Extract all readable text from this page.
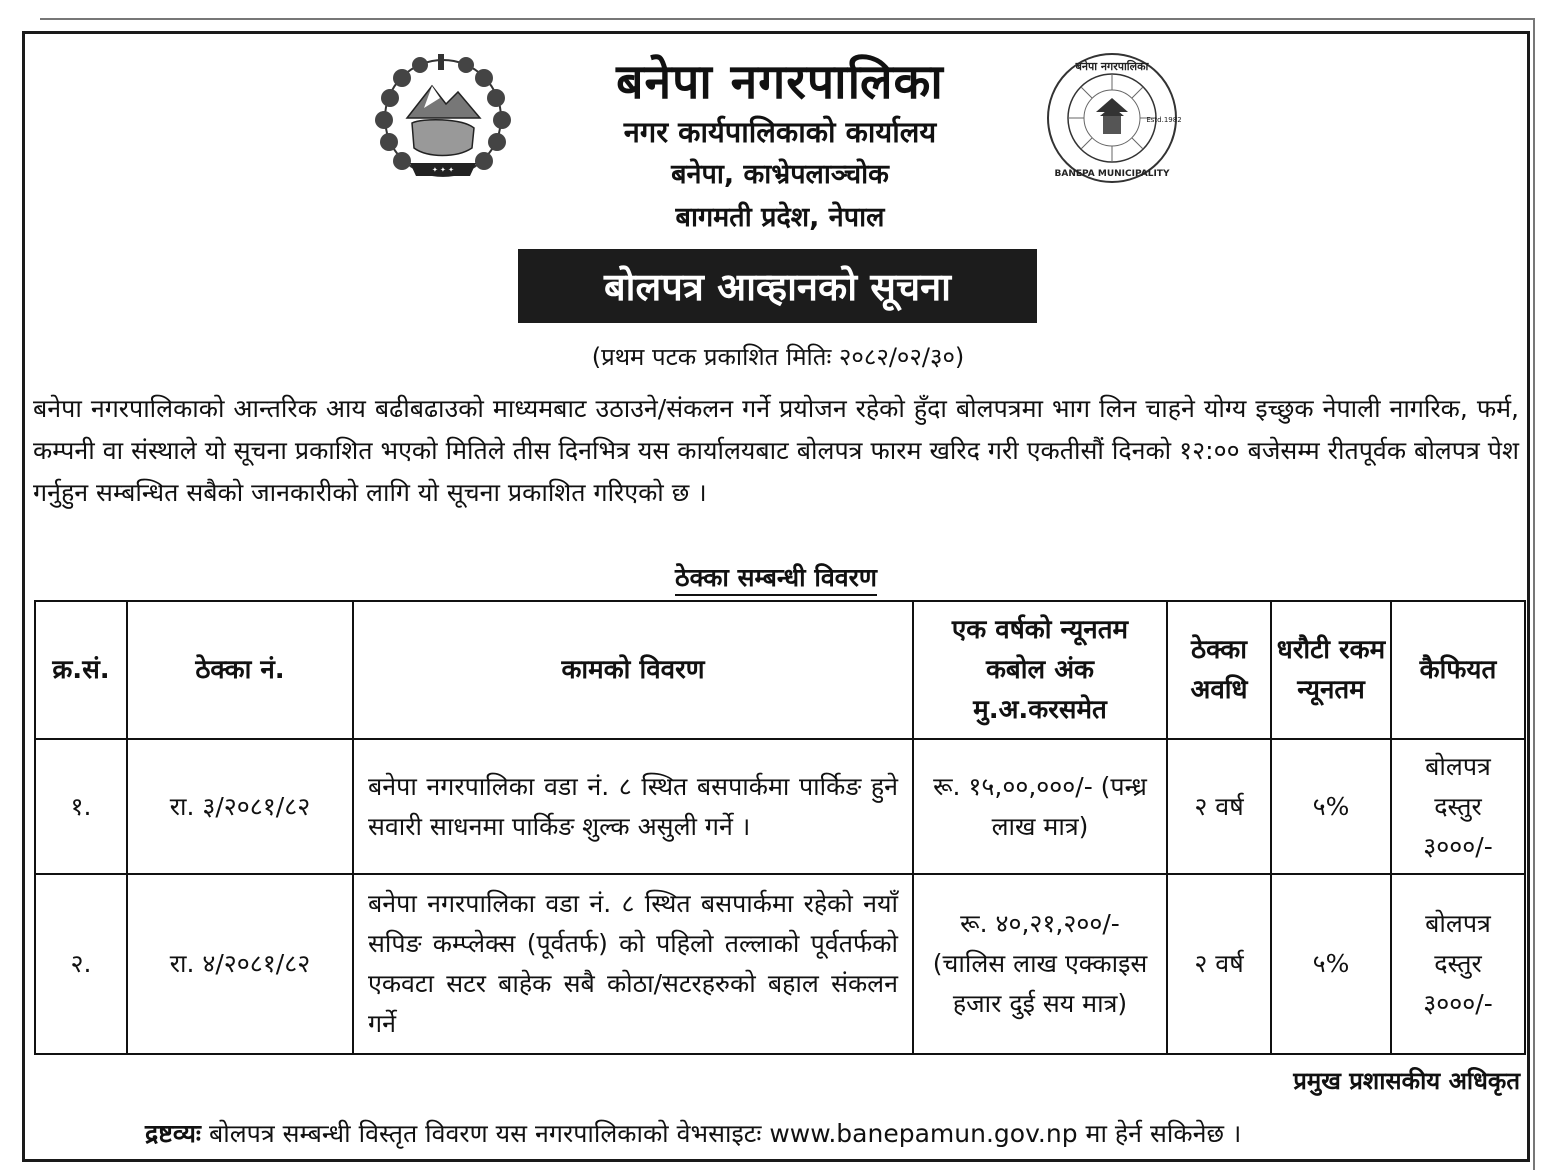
✦ ✦ ✦
बनेपा नगरपालिका
BANEPA MUNICIPALITY
Estd.1982
बनेपा नगरपालिका
नगर कार्यपालिकाको कार्यालय
बनेपा, काभ्रेपलाञ्चोक
बागमती प्रदेश, नेपाल
बोलपत्र आव्हानको सूचना
(प्रथम पटक प्रकाशित मितिः २०८२/०२/३०)

बनेपा नगरपालिकाको आन्तरिक आय बढीबढाउको माध्यमबाट उठाउने/संकलन गर्ने प्रयोजन रहेको हुँदा बोलपत्रमा भाग लिन चाहने योग्य इच्छुक नेपाली नागरिक, फर्म, कम्पनी वा संस्थाले यो सूचना प्रकाशित भएको मितिले तीस दिनभित्र यस कार्यालयबाट बोलपत्र फारम खरिद गरी एकतीसौं दिनको १२:०० बजेसम्म रीतपूर्वक बोलपत्र पेश गर्नुहुन सम्बन्धित सबैको जानकारीको लागि यो सूचना प्रकाशित गरिएको छ ।

ठेक्का सम्बन्धी विवरण
क्र.सं.	ठेक्का नं.	कामको विवरण	एक वर्षको न्यूनतम कबोल अंक मु.अ.करसमेत	ठेक्का अवधि	धरौटी रकम न्यूनतम	कैफियत
१.	रा. ३/२०८१/८२	बनेपा नगरपालिका वडा नं. ८ स्थित बसपार्कमा पार्किङ हुने सवारी साधनमा पार्किङ शुल्क असुली गर्ने ।	रू. १५,००,०००/- (पन्ध्र लाख मात्र)	२ वर्ष	५%	बोलपत्र दस्तुर ३०००/-
२.	रा. ४/२०८१/८२	बनेपा नगरपालिका वडा नं. ८ स्थित बसपार्कमा रहेको नयाँ सपिङ कम्प्लेक्स (पूर्वतर्फ) को पहिलो तल्लाको पूर्वतर्फको एकवटा सटर बाहेक सबै कोठा/सटरहरुको बहाल संकलन गर्ने	रू. ४०,२१,२००/- (चालिस लाख एक्काइस हजार दुई सय मात्र)	२ वर्ष	५%	बोलपत्र दस्तुर ३०००/-
प्रमुख प्रशासकीय अधिकृत
द्रष्टव्यः बोलपत्र सम्बन्धी विस्तृत विवरण यस नगरपालिकाको वेभसाइटः www.banepamun.gov.np मा हेर्न सकिनेछ ।
